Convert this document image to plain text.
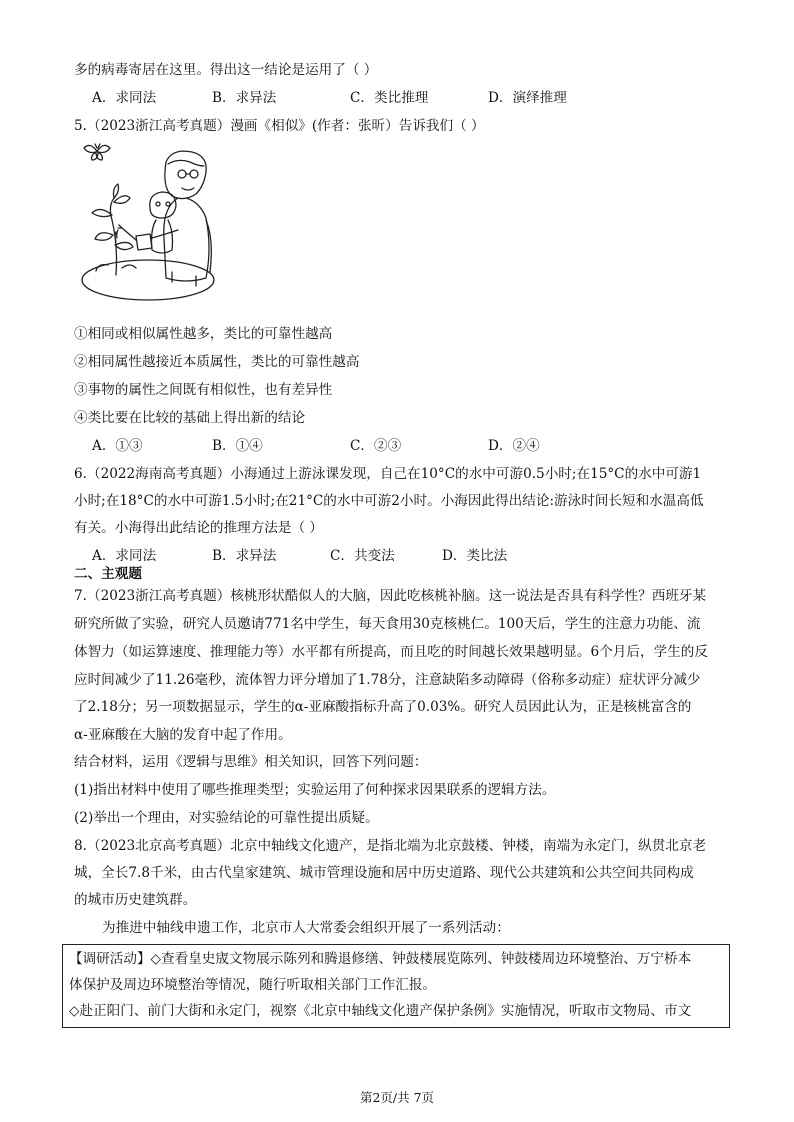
多的病毒寄居在这里。得出这一结论是运用了（ ）
A．求同法	B．求异法	C．类比推理	D．演绎推理
5.（2023浙江高考真题）漫画《相似》(作者：张昕）告诉我们（ ）
①相同或相似属性越多，类比的可靠性越高
②相同属性越接近本质属性，类比的可靠性越高
③事物的属性之间既有相似性，也有差异性
④类比要在比较的基础上得出新的结论
A．①③	B．①④	C．②③	D．②④
6.（2022海南高考真题）小海通过上游泳课发现，自己在10°C的水中可游0.5小时;在15°C的水中可游1
小时;在18°C的水中可游1.5小时;在21°C的水中可游2小时。小海因此得出结论:游泳时间长短和水温高低
有关。小海得出此结论的推理方法是（ ）
A．求同法	B．求异法	C．共变法	D．类比法
二、主观题
7.（2023浙江高考真题）核桃形状酷似人的大脑，因此吃核桃补脑。这一说法是否具有科学性？西班牙某
研究所做了实验，研究人员邀请771名中学生，每天食用30克核桃仁。100天后，学生的注意力功能、流
体智力（如运算速度、推理能力等）水平都有所提高，而且吃的时间越长效果越明显。6个月后，学生的反
应时间减少了11.26毫秒，流体智力评分增加了1.78分，注意缺陷多动障碍（俗称多动症）症状评分减少
了2.18分；另一项数据显示，学生的α-亚麻酸指标升高了0.03%。研究人员因此认为，正是核桃富含的
α-亚麻酸在大脑的发育中起了作用。
结合材料，运用《逻辑与思维》相关知识，回答下列问题：
(1)指出材料中使用了哪些推理类型；实验运用了何种探求因果联系的逻辑方法。
(2)举出一个理由，对实验结论的可靠性提出质疑。
8.（2023北京高考真题）北京中轴线文化遗产，是指北端为北京鼓楼、钟楼，南端为永定门，纵贯北京老
城，全长7.8千米，由古代皇家建筑、城市管理设施和居中历史道路、现代公共建筑和公共空间共同构成
的城市历史建筑群。
为推进中轴线申遗工作，北京市人大常委会组织开展了一系列活动：
【调研活动】◇查看皇史宬文物展示陈列和腾退修缮、钟鼓楼展览陈列、钟鼓楼周边环境整治、万宁桥本
体保护及周边环境整治等情况，随行听取相关部门工作汇报。
◇赴正阳门、前门大街和永定门，视察《北京中轴线文化遗产保护条例》实施情况，听取市文物局、市文
第2页/共 7页
